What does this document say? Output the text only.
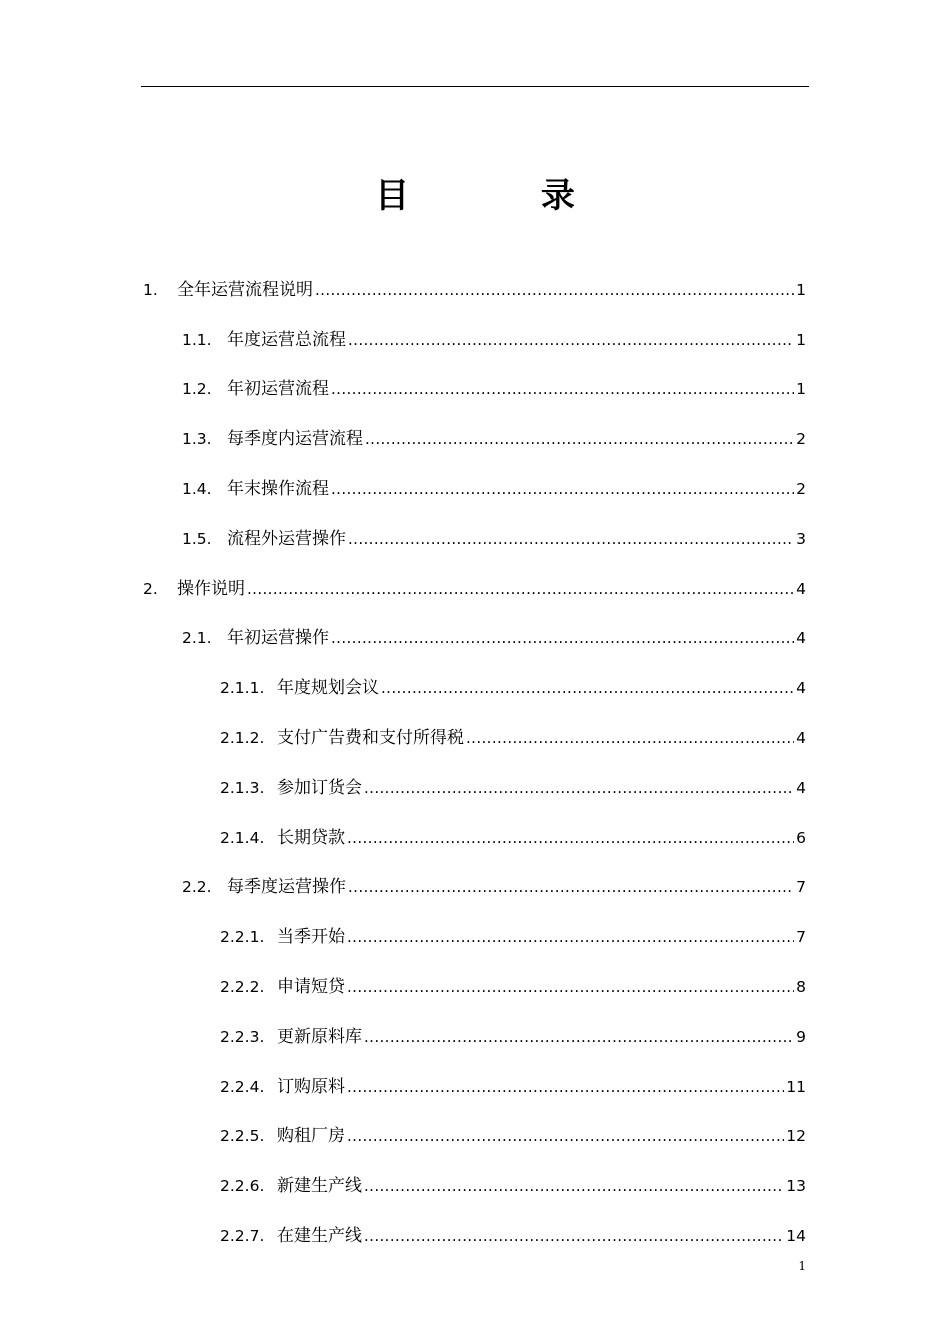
目 录
1.	全年运营流程说明 .....	1
1.1. 年度运营总流程 .....	1
1.2. 年初运营流程 .....	1
1.3. 每季度内运营流程 .....	2
1.4. 年末操作流程 .....	2
1.5. 流程外运营操作 .....	3
2.	操作说明 .....	4
2.1. 年初运营操作 .....	4
2.1.1. 年度规划会议 .....	4
2.1.2. 支付广告费和支付所得税 .....	4
2.1.3. 参加订货会 .....	4
2.1.4. 长期贷款 .....	6
2.2. 每季度运营操作 .....	7
2.2.1. 当季开始 .....	7
2.2.2. 申请短贷 .....	8
2.2.3. 更新原料库 .....	9
2.2.4. 订购原料 .....	11
2.2.5. 购租厂房 .....	12
2.2.6. 新建生产线 .....	13
2.2.7. 在建生产线 .....	14
1
